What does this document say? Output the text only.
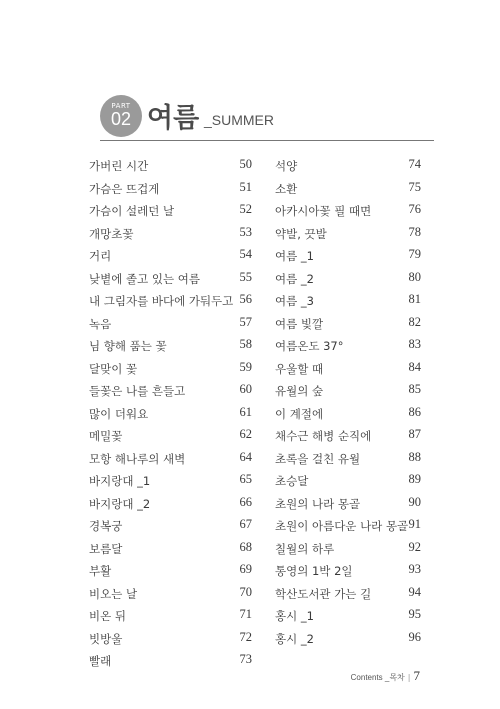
PART
02 여름 _SUMMER
가버린 시간	50
가슴은 뜨겁게	51
가슴이 설레던 날	52
개망초꽃	53
거리	54
낮볕에 졸고 있는 여름	55
내 그림자를 바다에 가둬두고 56
녹음	57
님 향해 품는 꽃	58
달맞이 꽃	59
들꽃은 나를 흔들고	60
많이 더워요	61
메밀꽃	62
모항 해나루의 새벽	64
바지랑대 _1	65
바지랑대 _2	66
경복궁	67
보름달	68
부활	69
비오는 날	70
비온 뒤	71
빗방울	72
빨래	73
석양	74
소환	75
아카시아꽃 필 때면	76
약발, 끗발	78
여름 _1	79
여름 _2	80
여름 _3	81
여름 빛깔	82
여름온도 37°	83
우울할 때	84
유월의 숲	85
이 계절에	86
채수근 해병 순직에	87
초록을 걸친 유월	88
초승달	89
초원의 나라 몽골	90
초원이 아름다운 나라 몽골 91
칠월의 하루	92
통영의 1박 2일	93
학산도서관 가는 길	94
홍시 _1	95
홍시 _2	96
Contents _목차 | 7
